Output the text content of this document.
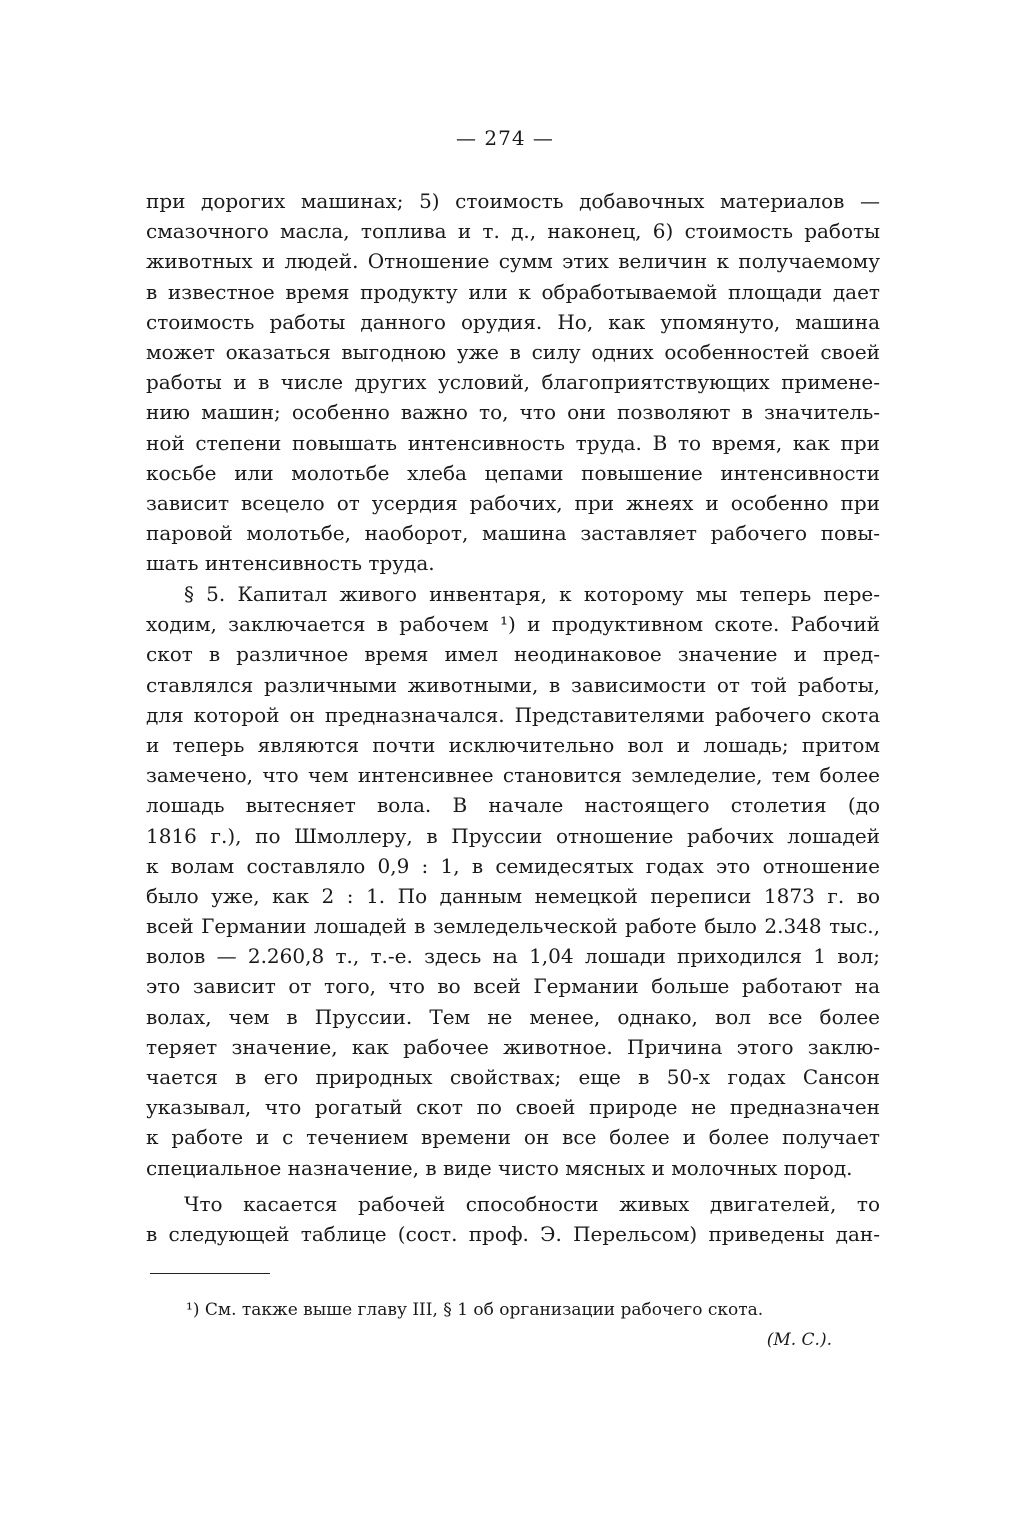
— 274 —
при дорогих машинах; 5) стоимость добавочных материалов —
смазочного масла, топлива и т. д., наконец, 6) стоимость работы
животных и людей. Отношение сумм этих величин к получаемому
в известное время продукту или к обработываемой площади дает
стоимость работы данного орудия. Но, как упомянуто, машина
может оказаться выгодною уже в силу одних особенностей своей
работы и в числе других условий, благоприятствующих примене-
нию машин; особенно важно то, что они позволяют в значитель-
ной степени повышать интенсивность труда. В то время, как при
косьбе или молотьбе хлеба цепами повышение интенсивности
зависит всецело от усердия рабочих, при жнеях и особенно при
паровой молотьбе, наоборот, машина заставляет рабочего повы-
шать интенсивность труда.
§ 5. Капитал живого инвентаря, к которому мы теперь пере-
ходим, заключается в рабочем ¹) и продуктивном скоте. Рабочий
скот в различное время имел неодинаковое значение и пред-
ставлялся различными животными, в зависимости от той работы,
для которой он предназначался. Представителями рабочего скота
и теперь являются почти исключительно вол и лошадь; притом
замечено, что чем интенсивнее становится земледелие, тем более
лошадь вытесняет вола. В начале настоящего столетия (до
1816 г.), по Шмоллеру, в Пруссии отношение рабочих лошадей
к волам составляло 0,9 : 1, в семидесятых годах это отношение
было уже, как 2 : 1. По данным немецкой переписи 1873 г. во
всей Германии лошадей в земледельческой работе было 2.348 тыс.,
волов — 2.260,8 т., т.-е. здесь на 1,04 лошади приходился 1 вол;
это зависит от того, что во всей Германии больше работают на
волах, чем в Пруссии. Тем не менее, однако, вол все более
теряет значение, как рабочее животное. Причина этого заклю-
чается в его природных свойствах; еще в 50-х годах Сансон
указывал, что рогатый скот по своей природе не предназначен
к работе и с течением времени он все более и более получает
специальное назначение, в виде чисто мясных и молочных пород.
Что касается рабочей способности живых двигателей, то
в следующей таблице (сост. проф. Э. Перельсом) приведены дан-
¹) См. также выше главу III, § 1 об организации рабочего скота.
(М. С.).
